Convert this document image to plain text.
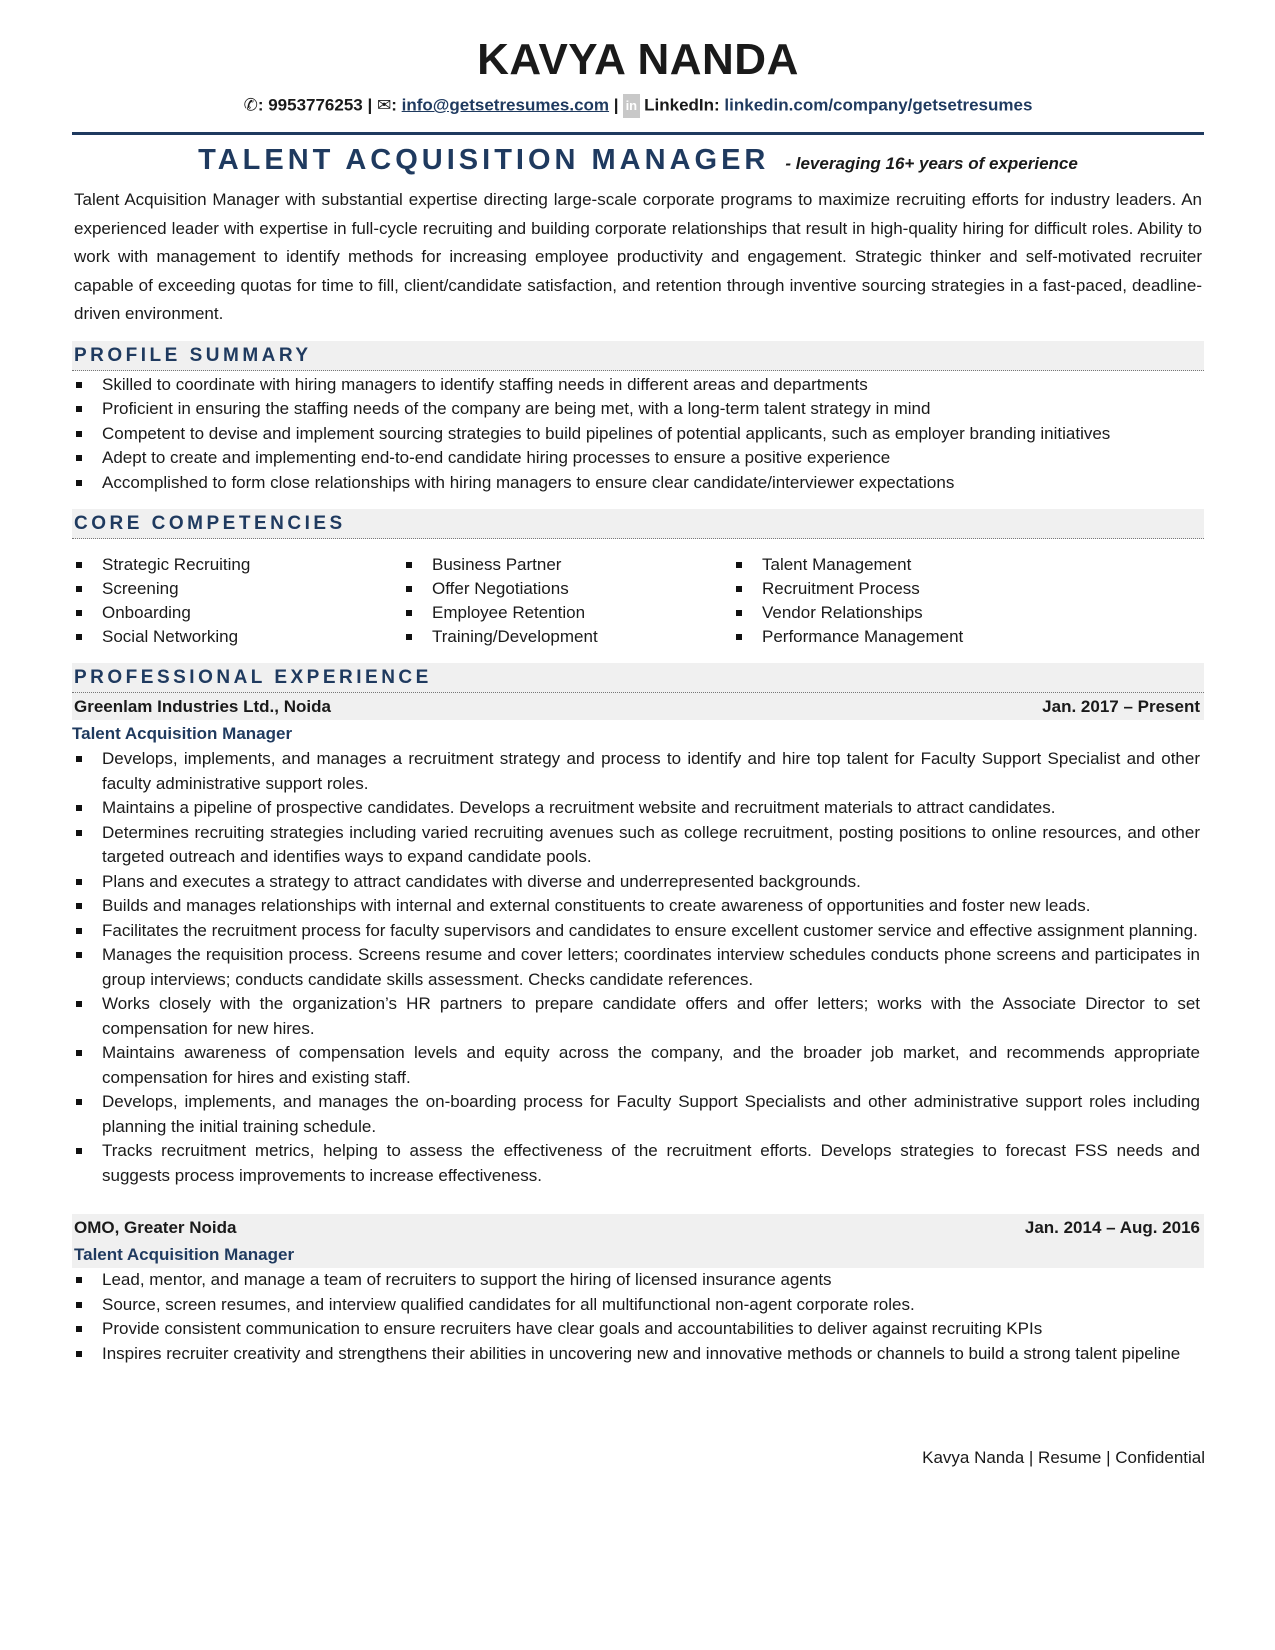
KAVYA NANDA
✆: 9953776253 | ✉: info@getsetresumes.com | in LinkedIn: linkedin.com/company/getsetresumes
TALENT ACQUISITION MANAGER - leveraging 16+ years of experience
Talent Acquisition Manager with substantial expertise directing large-scale corporate programs to maximize recruiting efforts for industry leaders. An experienced leader with expertise in full-cycle recruiting and building corporate relationships that result in high-quality hiring for difficult roles. Ability to work with management to identify methods for increasing employee productivity and engagement. Strategic thinker and self-motivated recruiter capable of exceeding quotas for time to fill, client/candidate satisfaction, and retention through inventive sourcing strategies in a fast-paced, deadline-driven environment.
PROFILE SUMMARY
Skilled to coordinate with hiring managers to identify staffing needs in different areas and departments
Proficient in ensuring the staffing needs of the company are being met, with a long-term talent strategy in mind
Competent to devise and implement sourcing strategies to build pipelines of potential applicants, such as employer branding initiatives
Adept to create and implementing end-to-end candidate hiring processes to ensure a positive experience
Accomplished to form close relationships with hiring managers to ensure clear candidate/interviewer expectations
CORE COMPETENCIES
Strategic Recruiting
Screening
Onboarding
Social Networking
Business Partner
Offer Negotiations
Employee Retention
Training/Development
Talent Management
Recruitment Process
Vendor Relationships
Performance Management
PROFESSIONAL EXPERIENCE
Greenlam Industries Ltd., Noida	Jan. 2017 – Present
Talent Acquisition Manager
Develops, implements, and manages a recruitment strategy and process to identify and hire top talent for Faculty Support Specialist and other faculty administrative support roles.
Maintains a pipeline of prospective candidates. Develops a recruitment website and recruitment materials to attract candidates.
Determines recruiting strategies including varied recruiting avenues such as college recruitment, posting positions to online resources, and other targeted outreach and identifies ways to expand candidate pools.
Plans and executes a strategy to attract candidates with diverse and underrepresented backgrounds.
Builds and manages relationships with internal and external constituents to create awareness of opportunities and foster new leads.
Facilitates the recruitment process for faculty supervisors and candidates to ensure excellent customer service and effective assignment planning.
Manages the requisition process. Screens resume and cover letters; coordinates interview schedules conducts phone screens and participates in group interviews; conducts candidate skills assessment. Checks candidate references.
Works closely with the organization’s HR partners to prepare candidate offers and offer letters; works with the Associate Director to set compensation for new hires.
Maintains awareness of compensation levels and equity across the company, and the broader job market, and recommends appropriate compensation for hires and existing staff.
Develops, implements, and manages the on-boarding process for Faculty Support Specialists and other administrative support roles including planning the initial training schedule.
Tracks recruitment metrics, helping to assess the effectiveness of the recruitment efforts. Develops strategies to forecast FSS needs and suggests process improvements to increase effectiveness.
OMO, Greater Noida	Jan. 2014 – Aug. 2016
Talent Acquisition Manager
Lead, mentor, and manage a team of recruiters to support the hiring of licensed insurance agents
Source, screen resumes, and interview qualified candidates for all multifunctional non-agent corporate roles.
Provide consistent communication to ensure recruiters have clear goals and accountabilities to deliver against recruiting KPIs
Inspires recruiter creativity and strengthens their abilities in uncovering new and innovative methods or channels to build a strong talent pipeline
Kavya Nanda | Resume | Confidential
